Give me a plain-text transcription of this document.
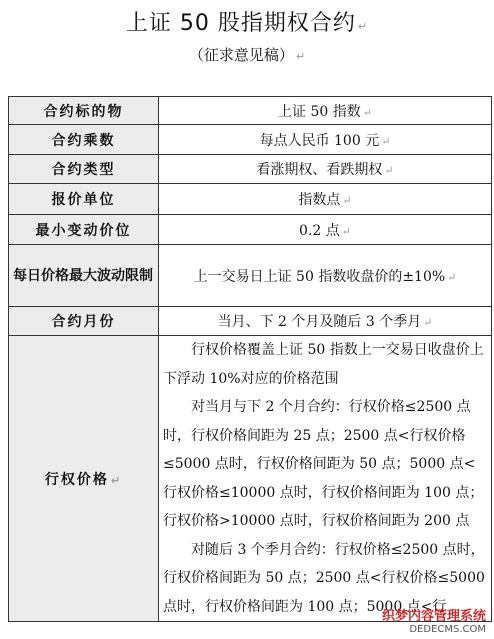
上证 50 股指期权合约 ↵
（征求意见稿） ↵
合约标的物	上证 50 指数 ↵
合约乘数	每点人民币 100 元 ↵
合约类型	看涨期权、看跌期权 ↵
报价单位	指数点 ↵
最小变动价位	0.2 点 ↵
每日价格最大波动限制	上一交易日上证 50 指数收盘价的±10% ↵
合约月份	当月、下 2 个月及随后 3 个季月 ↵
行权价格 ↵	行权价格覆盖上证 50 指数上一交易日收盘价上下浮动 10%对应的价格范围

对当月与下 2 个月合约：行权价格≤2500 点时，行权价格间距为 25 点；2500 点<行权价格≤5000 点时，行权价格间距为 50 点；5000 点<行权价格≤10000 点时，行权价格间距为 100 点；行权价格>10000 点时，行权价格间距为 200 点

对随后 3 个季月合约：行权价格≤2500 点时，行权价格间距为 50 点；2500 点<行权价格≤5000 点时，行权价格间距为 100 点；5000 点<行

织梦内容管理系统
DEDECMS.COM
